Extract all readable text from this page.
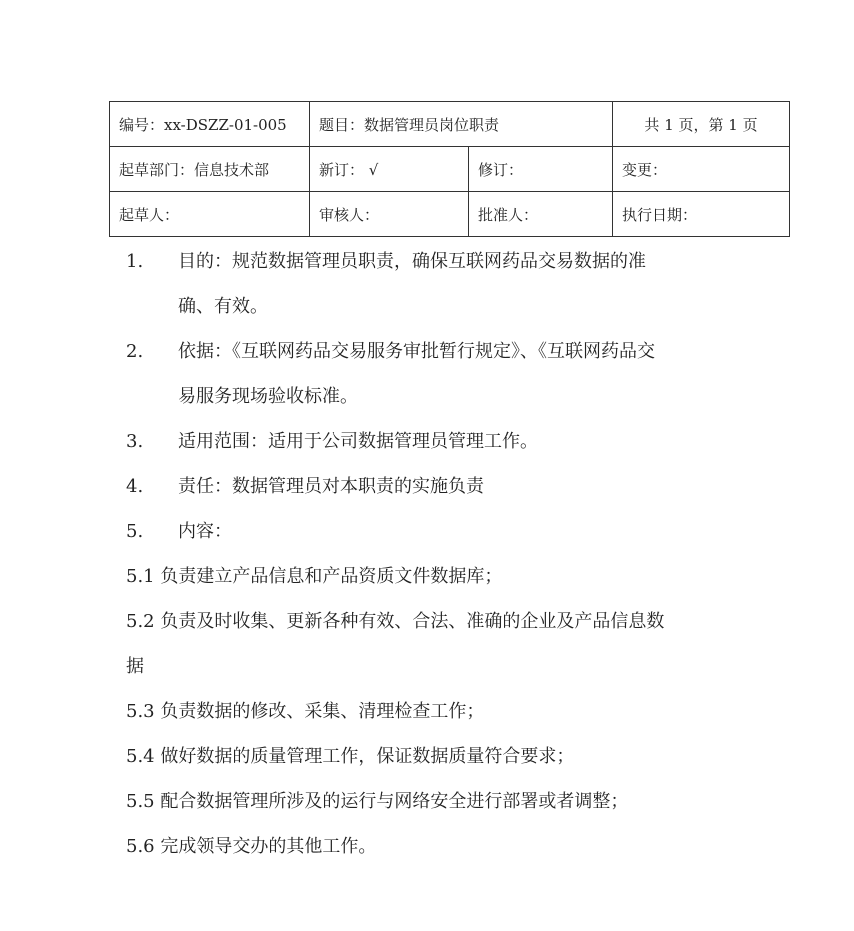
编号：xx-DSZZ-01-005	题目：数据管理员岗位职责		共 1 页，第 1 页
起草部门：信息技术部	新订： √	修订：	变更：
起草人：	审核人：	批准人：	执行日期：
1. 目的：规范数据管理员职责，确保互联网药品交易数据的准
确、有效。
2. 依据：《互联网药品交易服务审批暂行规定》、《互联网药品交
易服务现场验收标准。
3. 适用范围：适用于公司数据管理员管理工作。
4. 责任：数据管理员对本职责的实施负责
5. 内容：
5.1 负责建立产品信息和产品资质文件数据库；
5.2 负责及时收集、更新各种有效、合法、准确的企业及产品信息数
据
5.3 负责数据的修改、采集、清理检查工作；
5.4 做好数据的质量管理工作，保证数据质量符合要求；
5.5 配合数据管理所涉及的运行与网络安全进行部署或者调整；
5.6 完成领导交办的其他工作。
